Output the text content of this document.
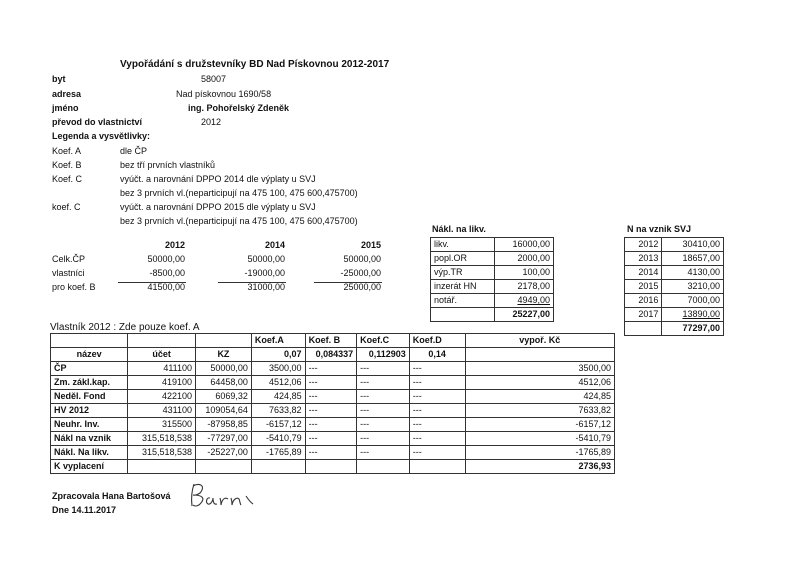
Vypořádání s družstevníky BD Nad Pískovnou 2012-2017
byt	58007
adresa	Nad pískovnou 1690/58
jméno	ing. Pohořelský Zdeněk
převod do vlastnictví	2012
Legenda a vysvětlivky:
Koef. A	dle ČP
Koef. B	bez tří prvních vlastníků
Koef. C	vyúčt. a narovnání DPPO 2014 dle výplaty u SVJ
bez 3 prvních vl.(neparticipují na 475 100, 475 600,475700)
koef. C	vyúčt. a narovnání DPPO 2015 dle výplaty u SVJ
bez 3 prvních vl.(neparticipují na 475 100, 475 600,475700)
2012	2014	2015
Celk.ČP	50000,00	50000,00	50000,00
vlastníci	-8500,00	-19000,00	-25000,00
pro koef. B	41500,00	31000,00	25000,00
Nákl. na likv.
likv.	16000,00
popl.OR	2000,00
výp.TR	100,00
inzerát HN	2178,00
notář.	4949,00
	25227,00
N na vznik SVJ
2012	30410,00
2013	18657,00
2014	4130,00
2015	3210,00
2016	7000,00
2017	13890,00
	77297,00
Vlastník 2012 : Zde pouze koef. A
			Koef.A	Koef. B	Koef.C	Koef.D	vypoř. Kč
název	účet	KZ	0,07	0,084337	0,112903	0,14	
ČP	411100	50000,00	3500,00	---	---	---	3500,00
Zm. zákl.kap.	419100	64458,00	4512,06	---	---	---	4512,06
Neděl. Fond	422100	6069,32	424,85	---	---	---	424,85
HV 2012	431100	109054,64	7633,82	---	---	---	7633,82
Neuhr. Inv.	315500	-87958,85	-6157,12	---	---	---	-6157,12
Nákl na vznik	315,518,538	-77297,00	-5410,79	---	---	---	-5410,79
Nákl. Na likv.	315,518,538	-25227,00	-1765,89	---	---	---	-1765,89
K vyplacení							2736,93
Zpracovala Hana Bartošová
Dne 14.11.2017
